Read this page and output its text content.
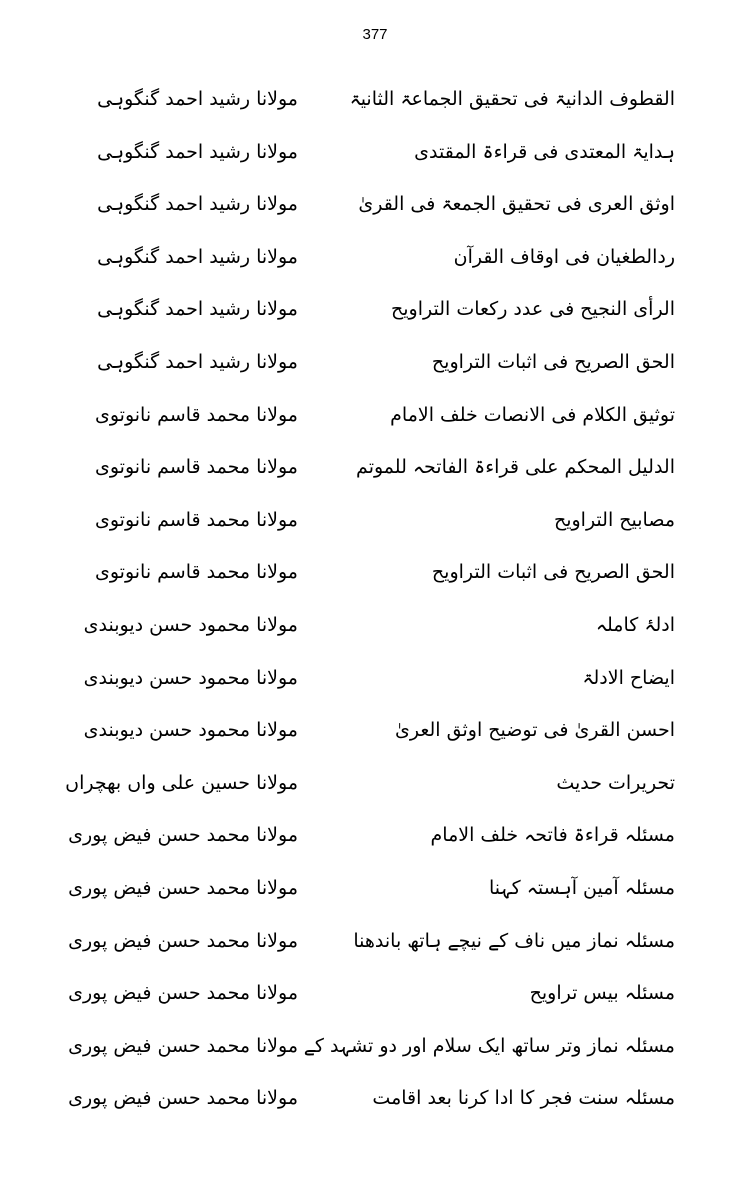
377
القطوف الدانیۃ فی تحقیق الجماعۃ الثانیۃ
مولانا رشید احمد گنگوہی
ہدایۃ المعتدی فی قراءۃ المقتدی
مولانا رشید احمد گنگوہی
اوثق العری فی تحقیق الجمعۃ فی القریٰ
مولانا رشید احمد گنگوہی
ردالطغیان فی اوقاف القرآن
مولانا رشید احمد گنگوہی
الرأی النجیح فی عدد رکعات التراویح
مولانا رشید احمد گنگوہی
الحق الصریح فی اثبات التراویح
مولانا رشید احمد گنگوہی
توثیق الکلام فی الانصات خلف الامام
مولانا محمد قاسم نانوتوی
الدلیل المحکم علی قراءۃ الفاتحہ للموتم
مولانا محمد قاسم نانوتوی
مصابیح التراویح
مولانا محمد قاسم نانوتوی
الحق الصریح فی اثبات التراویح
مولانا محمد قاسم نانوتوی
ادلۂ کاملہ
مولانا محمود حسن دیوبندی
ایضاح الادلۃ
مولانا محمود حسن دیوبندی
احسن القریٰ فی توضیح اوثق العریٰ
مولانا محمود حسن دیوبندی
تحریرات حدیث
مولانا حسین علی واں بھچراں
مسئلہ قراءۃ فاتحہ خلف الامام
مولانا محمد حسن فیض پوری
مسئلہ آمین آہستہ کہنا
مولانا محمد حسن فیض پوری
مسئلہ نماز میں ناف کے نیچے ہاتھ باندھنا
مولانا محمد حسن فیض پوری
مسئلہ بیس تراویح
مولانا محمد حسن فیض پوری
مسئلہ نماز وتر ساتھ ایک سلام اور دو تشہد کے
مولانا محمد حسن فیض پوری
مسئلہ سنت فجر کا ادا کرنا بعد اقامت
مولانا محمد حسن فیض پوری
